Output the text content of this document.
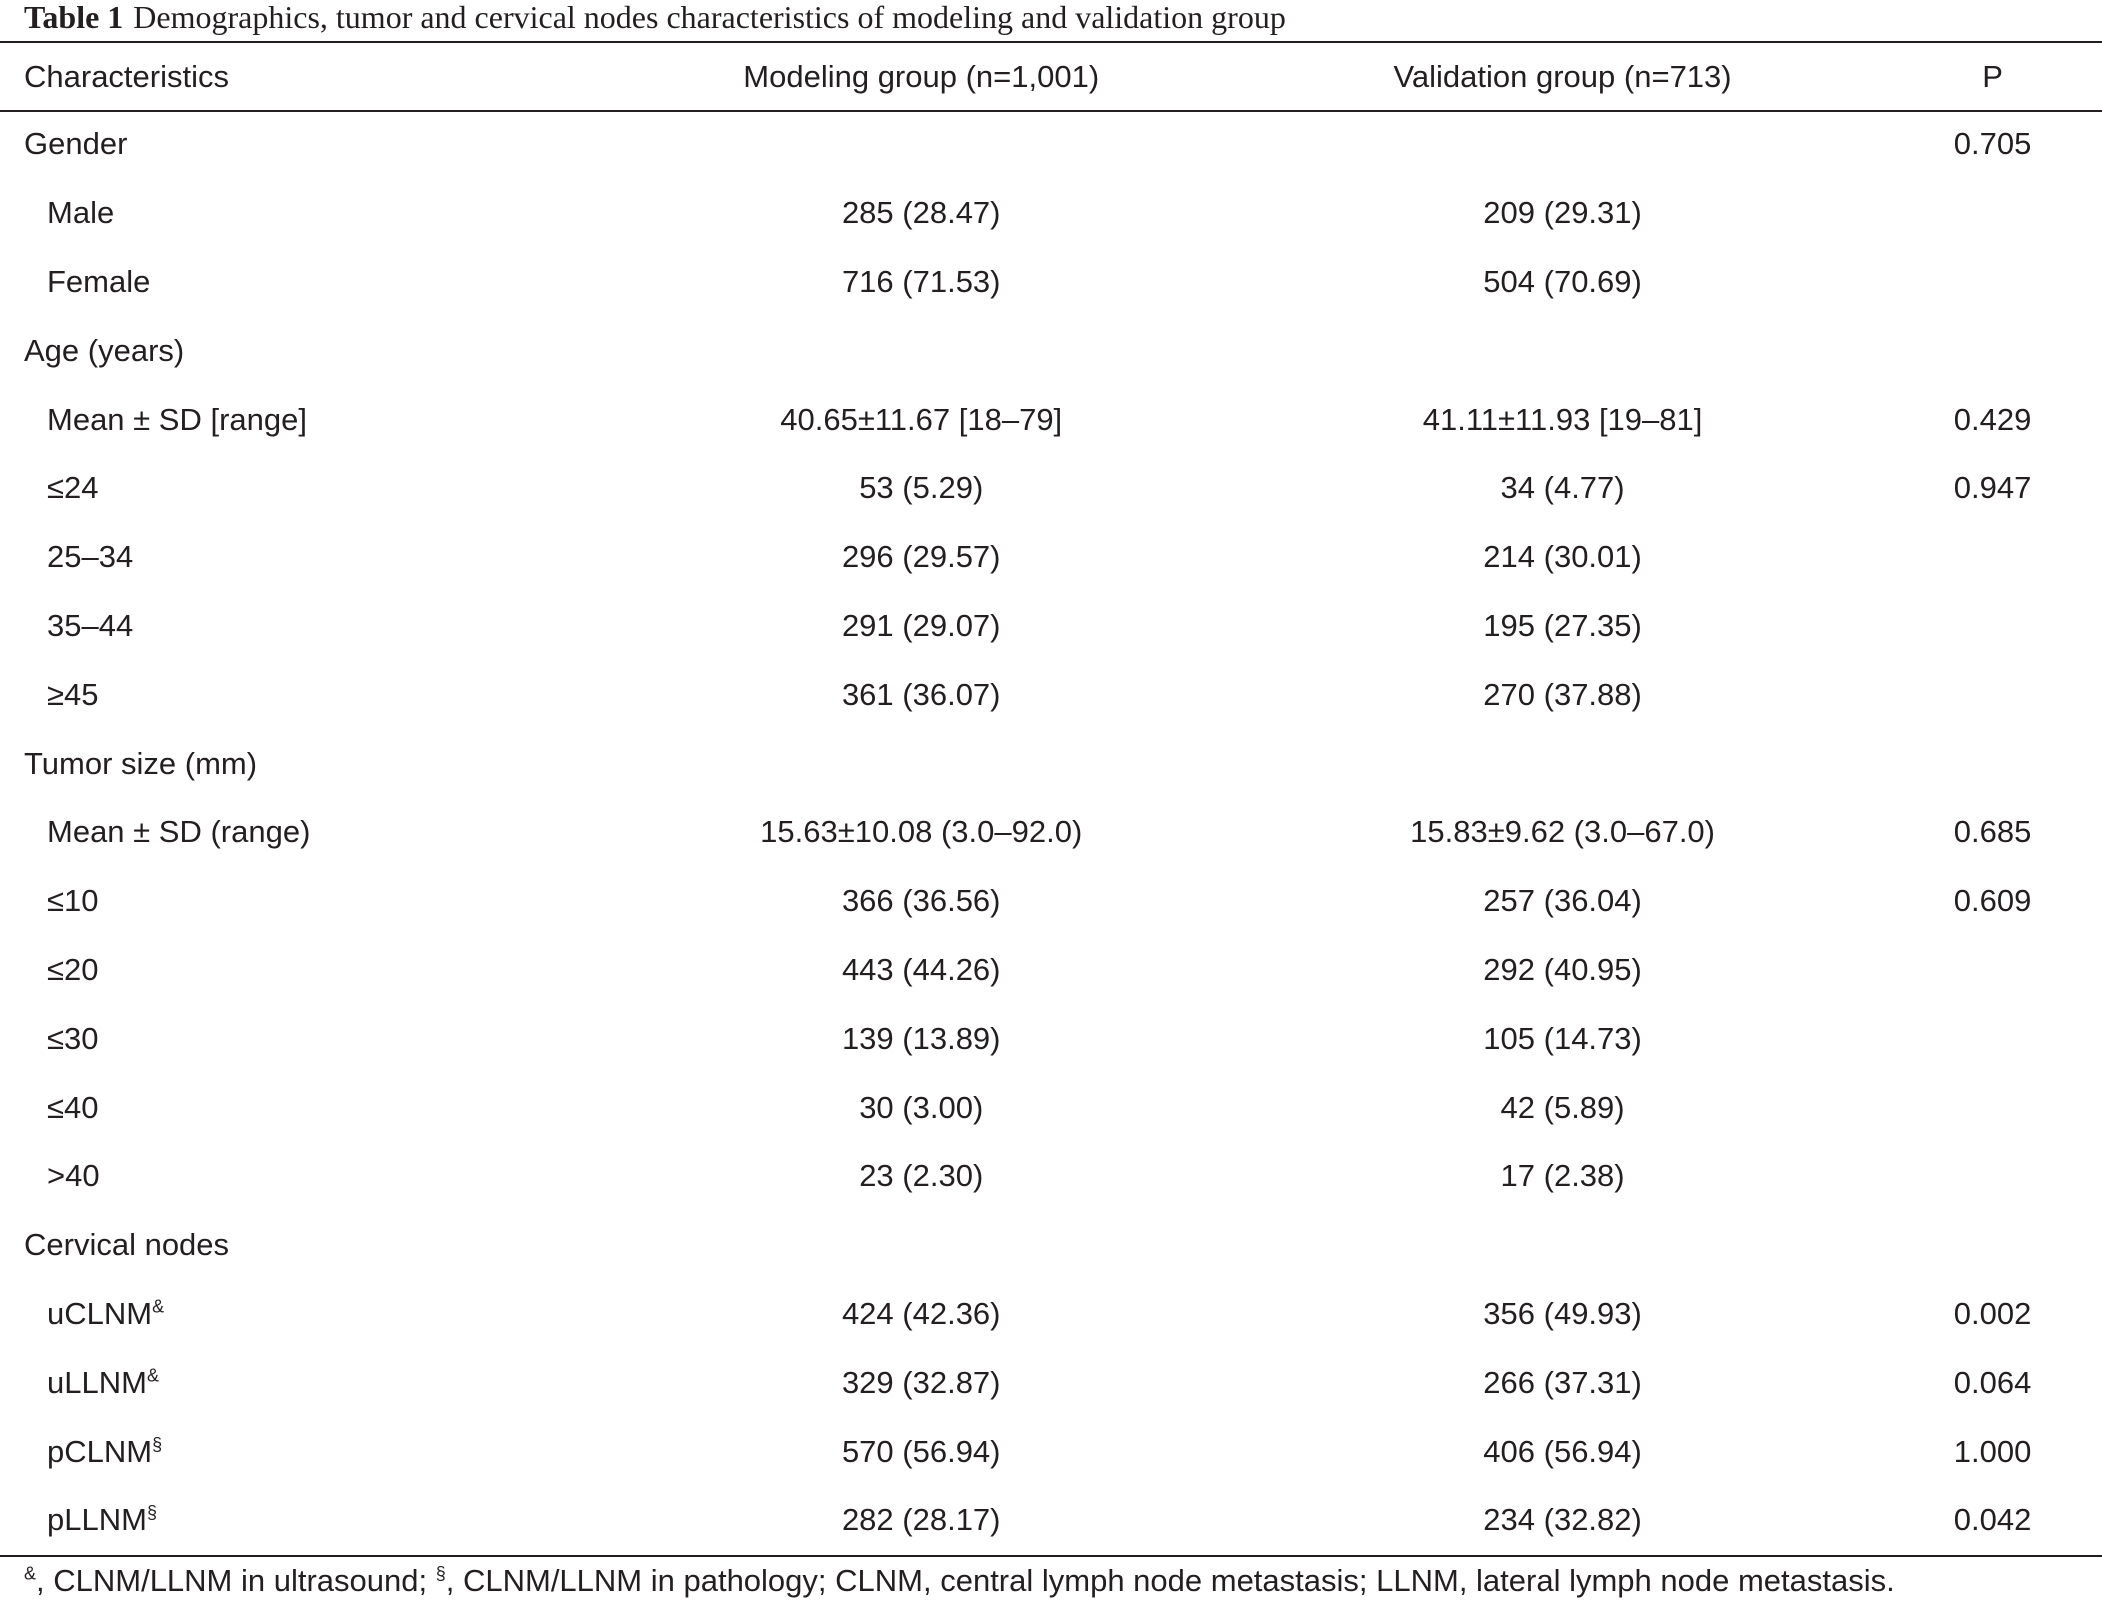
Table 1 Demographics, tumor and cervical nodes characteristics of modeling and validation group
Characteristics	Modeling group (n=1,001)	Validation group (n=713)	P
Gender			0.705
Male	285 (28.47)	209 (29.31)	
Female	716 (71.53)	504 (70.69)	
Age (years)			
Mean ± SD [range]	40.65±11.67 [18–79]	41.11±11.93 [19–81]	0.429
≤24	53 (5.29)	34 (4.77)	0.947
25–34	296 (29.57)	214 (30.01)	
35–44	291 (29.07)	195 (27.35)	
≥45	361 (36.07)	270 (37.88)	
Tumor size (mm)			
Mean ± SD (range)	15.63±10.08 (3.0–92.0)	15.83±9.62 (3.0–67.0)	0.685
≤10	366 (36.56)	257 (36.04)	0.609
≤20	443 (44.26)	292 (40.95)	
≤30	139 (13.89)	105 (14.73)	
≤40	30 (3.00)	42 (5.89)	
>40	23 (2.30)	17 (2.38)	
Cervical nodes			
uCLNM&	424 (42.36)	356 (49.93)	0.002
uLLNM&	329 (32.87)	266 (37.31)	0.064
pCLNM§	570 (56.94)	406 (56.94)	1.000
pLLNM§	282 (28.17)	234 (32.82)	0.042
&, CLNM/LLNM in ultrasound; §, CLNM/LLNM in pathology; CLNM, central lymph node metastasis; LLNM, lateral lymph node metastasis.
